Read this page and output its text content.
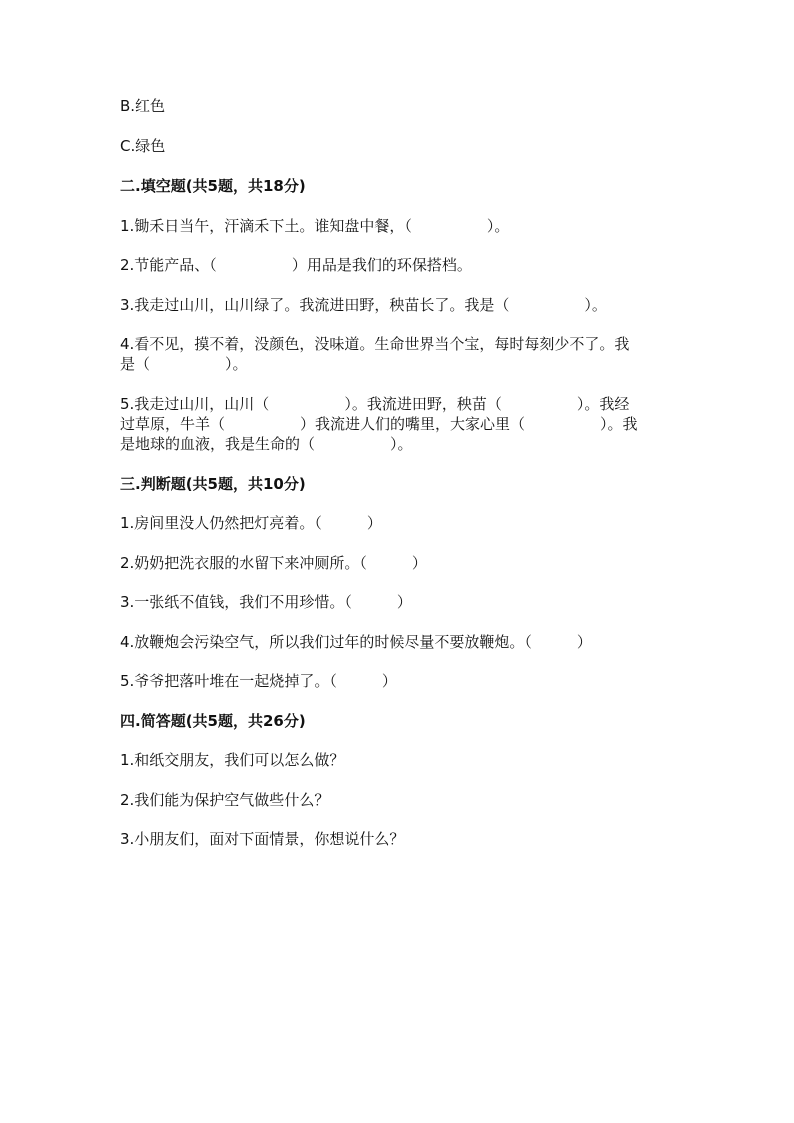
B.红色

C.绿色

二.填空题(共5题，共18分)

1.锄禾日当午，汗滴禾下土。谁知盘中餐，（　　　　　）。

2.节能产品、（　　　　　）用品是我们的环保搭档。

3.我走过山川，山川绿了。我流进田野，秧苗长了。我是（　　　　　）。

4.看不见，摸不着，没颜色，没味道。生命世界当个宝，每时每刻少不了。我

是（　　　　　）。

5.我走过山川，山川（　　　　　）。我流进田野，秧苗（　　　　　）。我经

过草原，牛羊（　　　　　）我流进人们的嘴里，大家心里（　　　　　）。我

是地球的血液，我是生命的（　　　　　）。

三.判断题(共5题，共10分)

1.房间里没人仍然把灯亮着。（　　　）

2.奶奶把洗衣服的水留下来冲厕所。（　　　）

3.一张纸不值钱，我们不用珍惜。（　　　）

4.放鞭炮会污染空气，所以我们过年的时候尽量不要放鞭炮。（　　　）

5.爷爷把落叶堆在一起烧掉了。（　　　）

四.简答题(共5题，共26分)

1.和纸交朋友，我们可以怎么做？

2.我们能为保护空气做些什么？

3.小朋友们，面对下面情景，你想说什么？
